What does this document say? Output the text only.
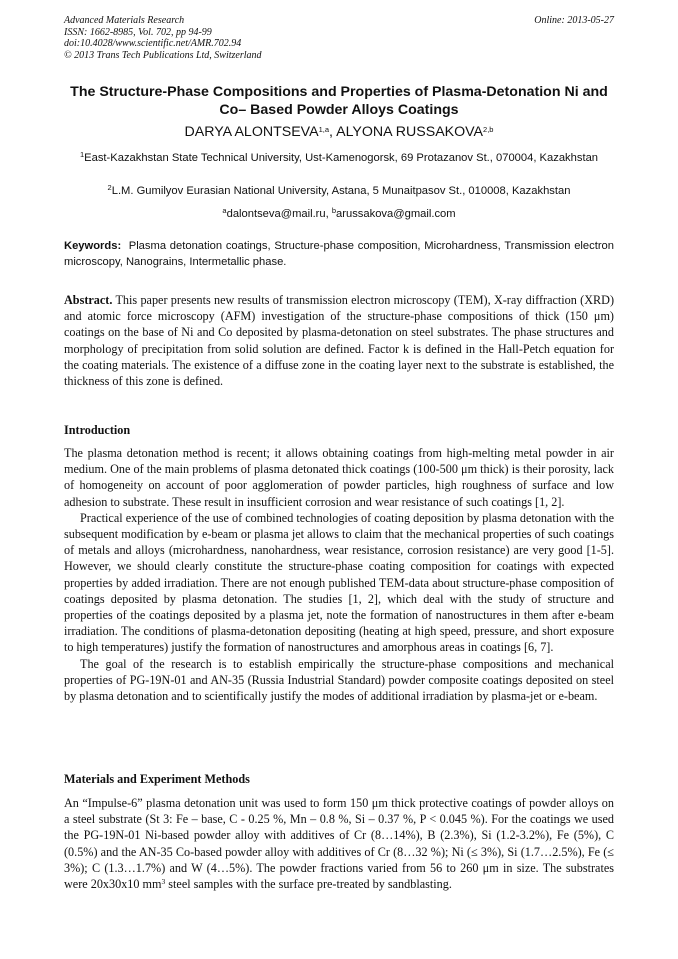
Advanced Materials Research
ISSN: 1662-8985, Vol. 702, pp 94-99
doi:10.4028/www.scientific.net/AMR.702.94
© 2013 Trans Tech Publications Ltd, Switzerland
Online: 2013-05-27
The Structure-Phase Compositions and Properties of Plasma-Detonation Ni and Co– Based Powder Alloys Coatings
DARYA ALONTSEVA$^{1,a}$, ALYONA RUSSAKOVA$^{2,b}$
$^1$East-Kazakhstan State Technical University, Ust-Kamenogorsk, 69 Protazanov St., 070004, Kazakhstan
$^2$L.M. Gumilyov Eurasian National University, Astana, 5 Munaitpasov St., 010008, Kazakhstan
$^a$dalontseva@mail.ru, $^b$arussakova@gmail.com
Keywords: Plasma detonation coatings, Structure-phase composition, Microhardness, Transmission electron microscopy, Nanograins, Intermetallic phase.
Abstract. This paper presents new results of transmission electron microscopy (TEM), X-ray diffraction (XRD) and atomic force microscopy (AFM) investigation of the structure-phase compositions of thick (150 μm) coatings on the base of Ni and Co deposited by plasma-detonation on steel substrates. The phase structures and morphology of precipitation from solid solution are defined. Factor k is defined in the Hall-Petch equation for the coating materials. The existence of a diffuse zone in the coating layer next to the substrate is established, the thickness of this zone is defined.
Introduction

The plasma detonation method is recent; it allows obtaining coatings from high-melting metal powder in air medium. One of the main problems of plasma detonated thick coatings (100-500 μm thick) is their porosity, lack of homogeneity on account of poor agglomeration of powder particles, high roughness of surface and low adhesion to substrate. These result in insufficient corrosion and wear resistance of such coatings [1, 2].

Practical experience of the use of combined technologies of coating deposition by plasma detonation with the subsequent modification by e-beam or plasma jet allows to claim that the mechanical properties of such coatings of metals and alloys (microhardness, nanohardness, wear resistance, corrosion resistance) are very good [1-5]. However, we should clearly constitute the structure-phase coating composition for coatings with expected properties by added irradiation. There are not enough published TEM-data about structure-phase composition of coatings deposited by plasma detonation. The studies [1, 2], which deal with the study of structure and properties of the coatings deposited by a plasma jet, note the formation of nanostructures in them after e-beam irradiation. The conditions of plasma-detonation depositing (heating at high speed, pressure, and short exposure to high temperatures) justify the formation of nanostructures and amorphous areas in coatings [6, 7].

The goal of the research is to establish empirically the structure-phase compositions and mechanical properties of PG-19N-01 and AN-35 (Russia Industrial Standard) powder composite coatings deposited on steel by plasma detonation and to scientifically justify the modes of additional irradiation by plasma-jet or e-beam.

Materials and Experiment Methods

An “Impulse-6” plasma detonation unit was used to form 150 μm thick protective coatings of powder alloys on a steel substrate (St 3: Fe – base, C - 0.25 %, Mn – 0.8 %, Si – 0.37 %, P < 0.045 %). For the coatings we used the PG-19N-01 Ni-based powder alloy with additives of Cr (8…14%), B (2.3%), Si (1.2-3.2%), Fe (5%), C (0.5%) and the AN-35 Co-based powder alloy with additives of Cr (8…32 %); Ni (≤ 3%), Si (1.7…2.5%), Fe (≤ 3%); C (1.3…1.7%) and W (4…5%). The powder fractions varied from 56 to 260 μm in size. The substrates were 20x30x10 $mm^3$ steel samples with the surface pre-treated by sandblasting.
